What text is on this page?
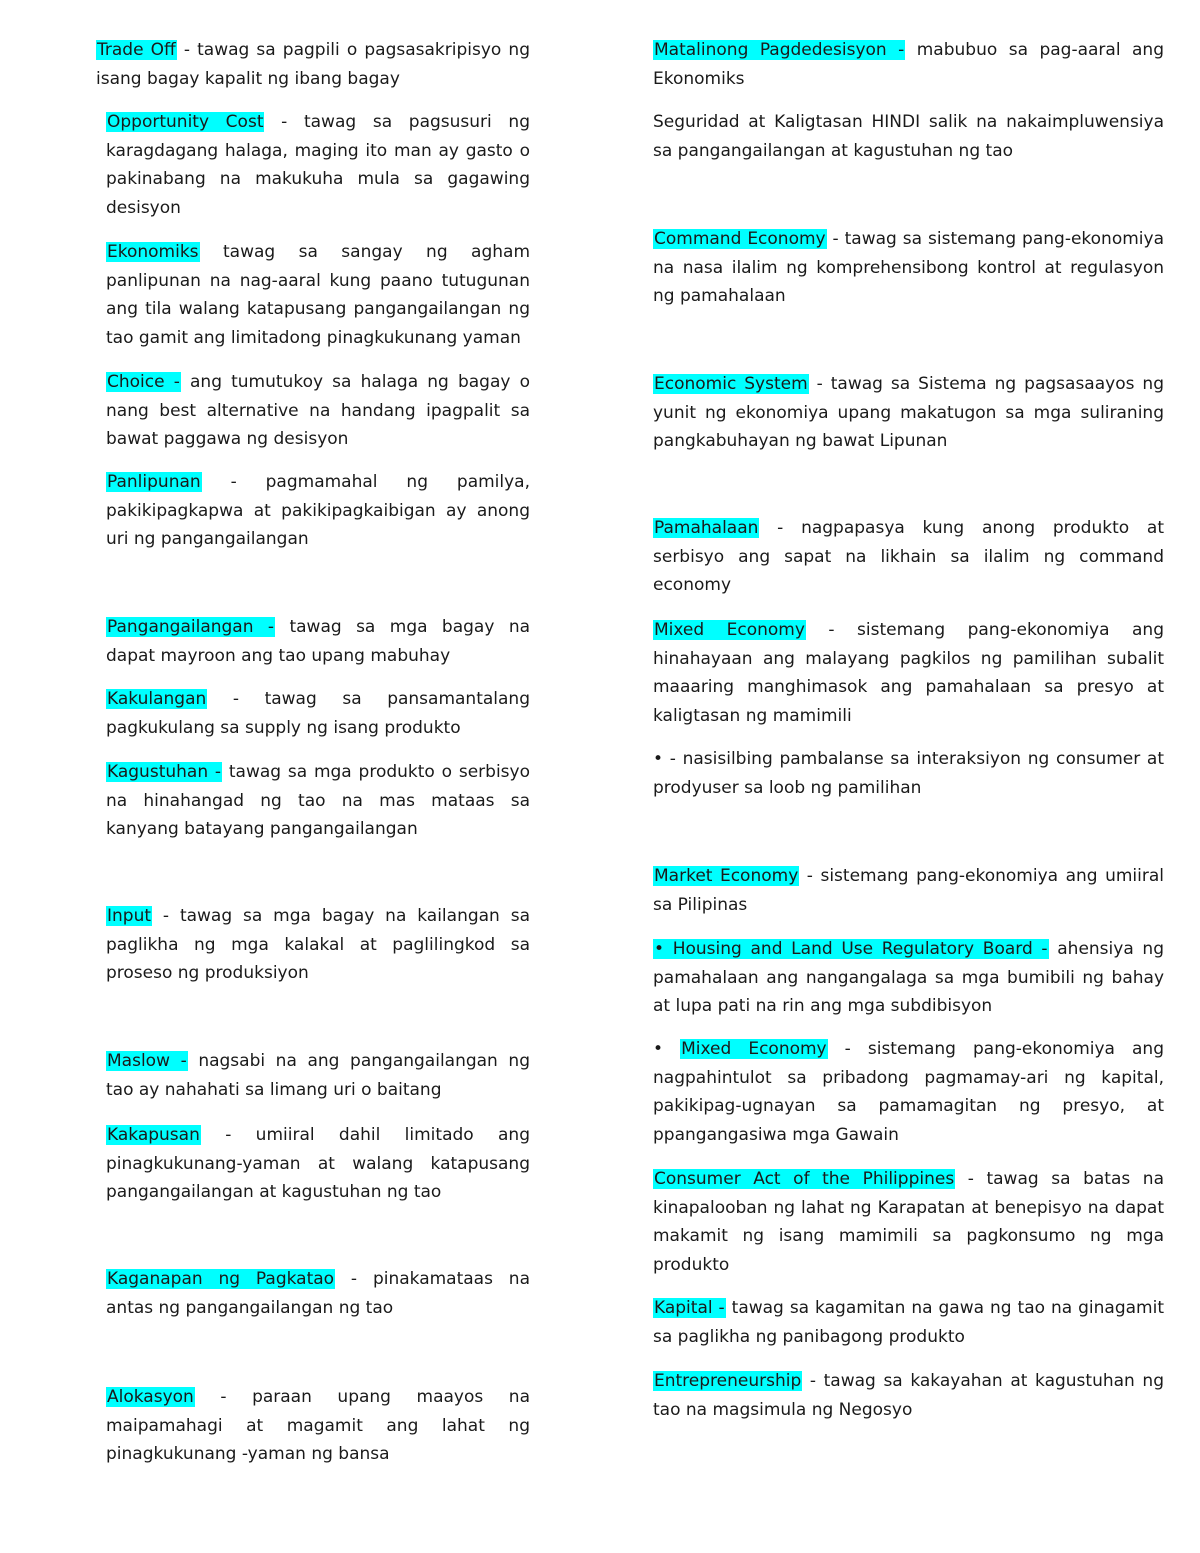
Trade Off - tawag sa pagpili o pagsasakripisyo ng isang bagay kapalit ng ibang bagay
Opportunity Cost - tawag sa pagsusuri ng karagdagang halaga, maging ito man ay gasto o pakinabang na makukuha mula sa gagawing desisyon
Ekonomiks tawag sa sangay ng agham panlipunan na nag-aaral kung paano tutugunan ang tila walang katapusang pangangailangan ng tao gamit ang limitadong pinagkukunang yaman
Choice - ang tumutukoy sa halaga ng bagay o nang best alternative na handang ipagpalit sa bawat paggawa ng desisyon
Panlipunan - pagmamahal ng pamilya, pakikipagkapwa at pakikipagkaibigan ay anong uri ng pangangailangan
Pangangailangan - tawag sa mga bagay na dapat mayroon ang tao upang mabuhay
Kakulangan - tawag sa pansamantalang pagkukulang sa supply ng isang produkto
Kagustuhan - tawag sa mga produkto o serbisyo na hinahangad ng tao na mas mataas sa kanyang batayang pangangailangan
Input - tawag sa mga bagay na kailangan sa paglikha ng mga kalakal at paglilingkod sa proseso ng produksiyon
Maslow - nagsabi na ang pangangailangan ng tao ay nahahati sa limang uri o baitang
Kakapusan - umiiral dahil limitado ang pinagkukunang-yaman at walang katapusang pangangailangan at kagustuhan ng tao
Kaganapan ng Pagkatao - pinakamataas na antas ng pangangailangan ng tao
Alokasyon - paraan upang maayos na maipamahagi at magamit ang lahat ng pinagkukunang -yaman ng bansa
Matalinong Pagdedesisyon - mabubuo sa pag-aaral ang Ekonomiks
Seguridad at Kaligtasan HINDI salik na nakaimpluwensiya sa pangangailangan at kagustuhan ng tao
Command Economy - tawag sa sistemang pang-ekonomiya na nasa ilalim ng komprehensibong kontrol at regulasyon ng pamahalaan
Economic System - tawag sa Sistema ng pagsasaayos ng yunit ng ekonomiya upang makatugon sa mga suliraning pangkabuhayan ng bawat Lipunan
Pamahalaan - nagpapasya kung anong produkto at serbisyo ang sapat na likhain sa ilalim ng command economy
Mixed Economy - sistemang pang-ekonomiya ang hinahayaan ang malayang pagkilos ng pamilihan subalit maaaring manghimasok ang pamahalaan sa presyo at kaligtasan ng mamimili
• - nasisilbing pambalanse sa interaksiyon ng consumer at prodyuser sa loob ng pamilihan
Market Economy - sistemang pang-ekonomiya ang umiiral sa Pilipinas
• Housing and Land Use Regulatory Board - ahensiya ng pamahalaan ang nangangalaga sa mga bumibili ng bahay at lupa pati na rin ang mga subdibisyon
• Mixed Economy - sistemang pang-ekonomiya ang nagpahintulot sa pribadong pagmamay-ari ng kapital, pakikipag-ugnayan sa pamamagitan ng presyo, at ppangangasiwa mga Gawain
Consumer Act of the Philippines - tawag sa batas na kinapalooban ng lahat ng Karapatan at benepisyo na dapat makamit ng isang mamimili sa pagkonsumo ng mga produkto
Kapital - tawag sa kagamitan na gawa ng tao na ginagamit sa paglikha ng panibagong produkto
Entrepreneurship - tawag sa kakayahan at kagustuhan ng tao na magsimula ng Negosyo
